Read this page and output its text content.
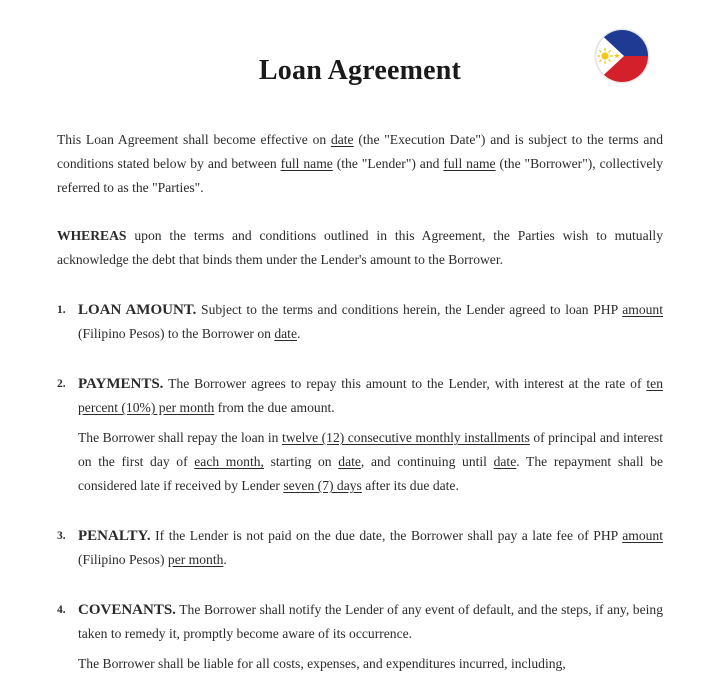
Loan Agreement
This Loan Agreement shall become effective on date (the "Execution Date") and is subject to the terms and conditions stated below by and between full name (the "Lender") and full name (the "Borrower"), collectively referred to as the "Parties".
WHEREAS upon the terms and conditions outlined in this Agreement, the Parties wish to mutually acknowledge the debt that binds them under the Lender's amount to the Borrower.
1. LOAN AMOUNT. Subject to the terms and conditions herein, the Lender agreed to loan PHP amount (Filipino Pesos) to the Borrower on date.
2. PAYMENTS. The Borrower agrees to repay this amount to the Lender, with interest at the rate of ten percent (10%) per month from the due amount.

The Borrower shall repay the loan in twelve (12) consecutive monthly installments of principal and interest on the first day of each month, starting on date, and continuing until date. The repayment shall be considered late if received by Lender seven (7) days after its due date.

3. PENALTY. If the Lender is not paid on the due date, the Borrower shall pay a late fee of PHP amount (Filipino Pesos) per month.
4. COVENANTS. The Borrower shall notify the Lender of any event of default, and the steps, if any, being taken to remedy it, promptly become aware of its occurrence.

The Borrower shall be liable for all costs, expenses, and expenditures incurred, including,
